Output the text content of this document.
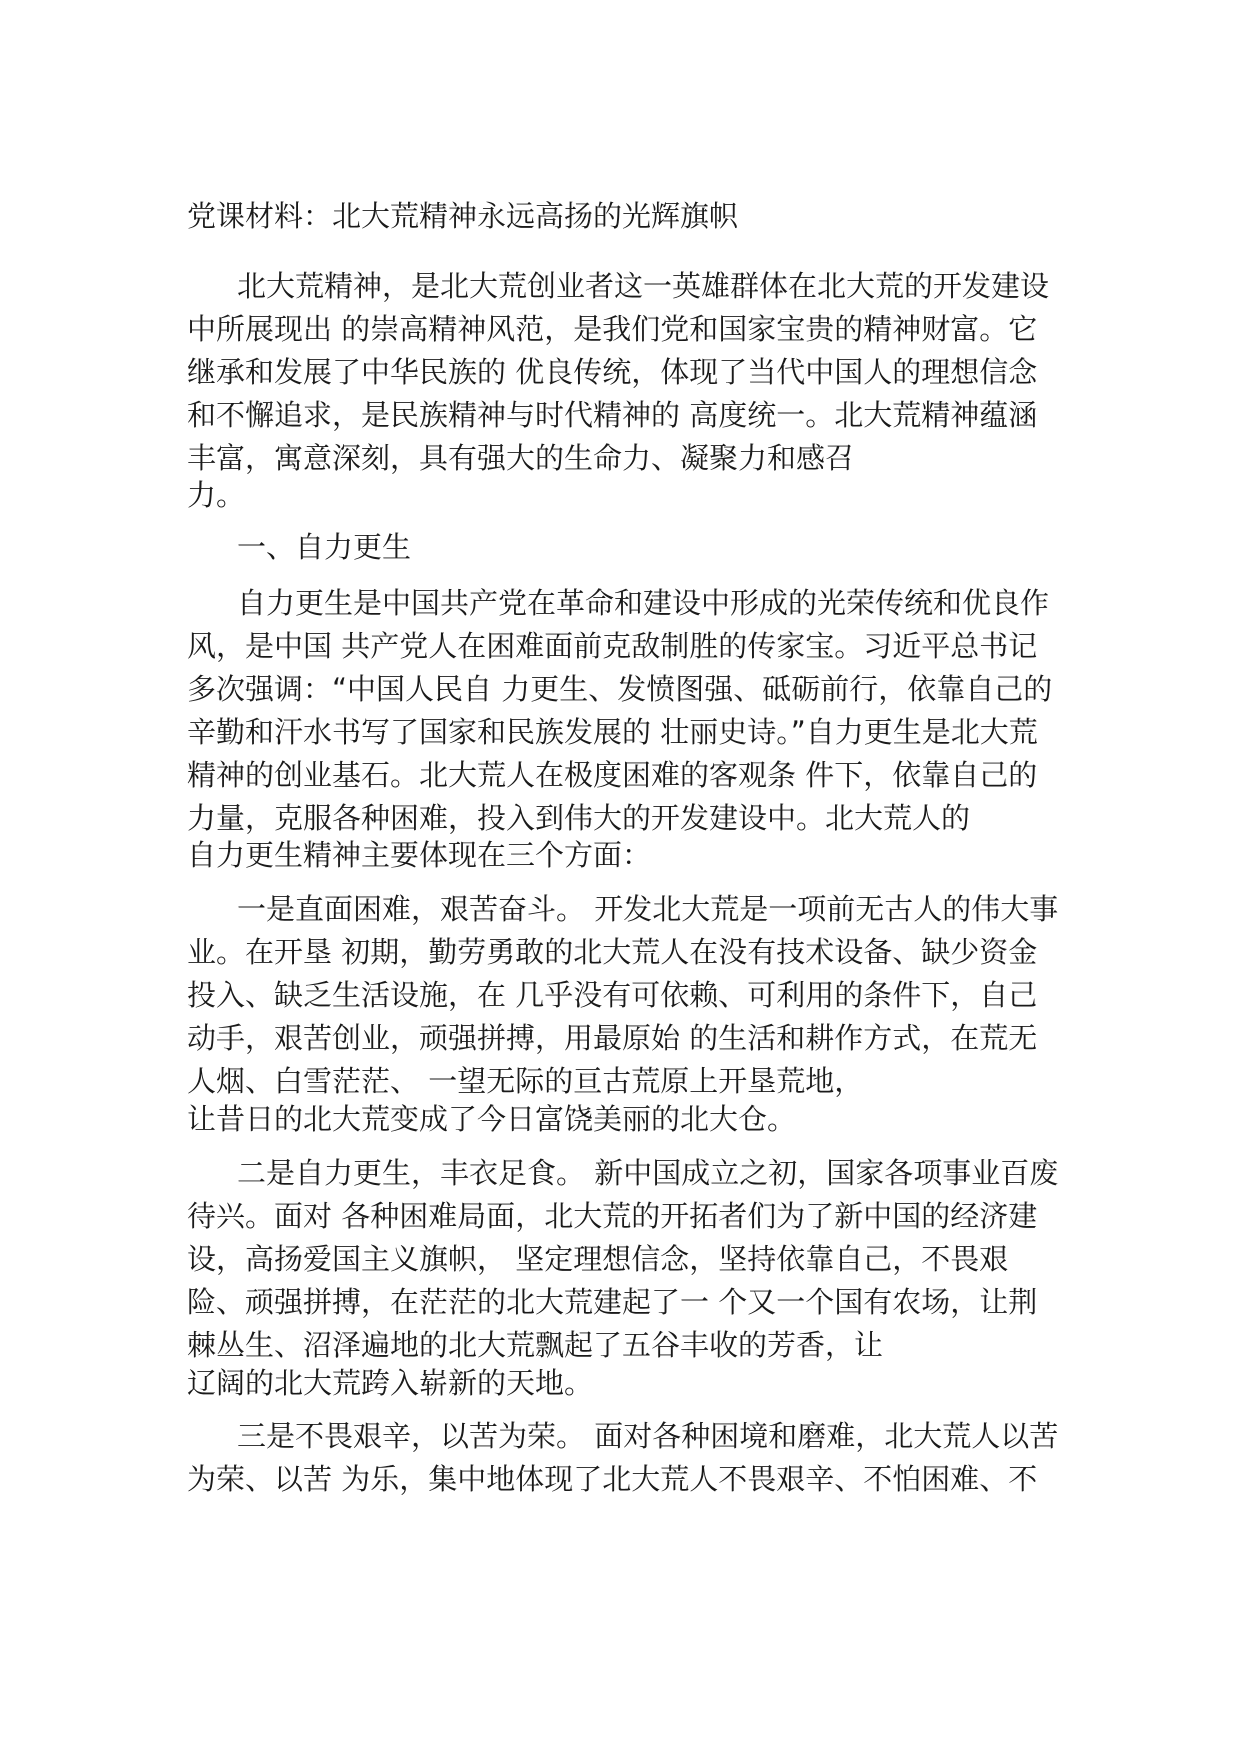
党课材料：北大荒精神永远高扬的光辉旗帜
北大荒精神，是北大荒创业者这一英雄群体在北大荒的开发建设
中所展现出 的崇高精神风范，是我们党和国家宝贵的精神财富。它
继承和发展了中华民族的 优良传统，体现了当代中国人的理想信念
和不懈追求，是民族精神与时代精神的 高度统一。北大荒精神蕴涵
丰富，寓意深刻，具有强大的生命力、凝聚力和感召
力。
一、自力更生
自力更生是中国共产党在革命和建设中形成的光荣传统和优良作
风，是中国 共产党人在困难面前克敌制胜的传家宝。习近平总书记
多次强调：“中国人民自 力更生、发愤图强、砥砺前行，依靠自己的
辛勤和汗水书写了国家和民族发展的 壮丽史诗。”自力更生是北大荒
精神的创业基石。北大荒人在极度困难的客观条 件下，依靠自己的
力量，克服各种困难，投入到伟大的开发建设中。北大荒人的
自力更生精神主要体现在三个方面：
一是直面困难，艰苦奋斗。 开发北大荒是一项前无古人的伟大事
业。在开垦 初期，勤劳勇敢的北大荒人在没有技术设备、缺少资金
投入、缺乏生活设施，在 几乎没有可依赖、可利用的条件下，自己
动手，艰苦创业，顽强拼搏，用最原始 的生活和耕作方式，在荒无
人烟、白雪茫茫、 一望无际的亘古荒原上开垦荒地，
让昔日的北大荒变成了今日富饶美丽的北大仓。
二是自力更生，丰衣足食。 新中国成立之初，国家各项事业百废
待兴。面对 各种困难局面，北大荒的开拓者们为了新中国的经济建
设，高扬爱国主义旗帜， 坚定理想信念，坚持依靠自己，不畏艰
险、顽强拼搏，在茫茫的北大荒建起了一 个又一个国有农场，让荆
棘丛生、沼泽遍地的北大荒飘起了五谷丰收的芳香，让
辽阔的北大荒跨入崭新的天地。
三是不畏艰辛，以苦为荣。 面对各种困境和磨难，北大荒人以苦
为荣、以苦 为乐，集中地体现了北大荒人不畏艰辛、不怕困难、不
